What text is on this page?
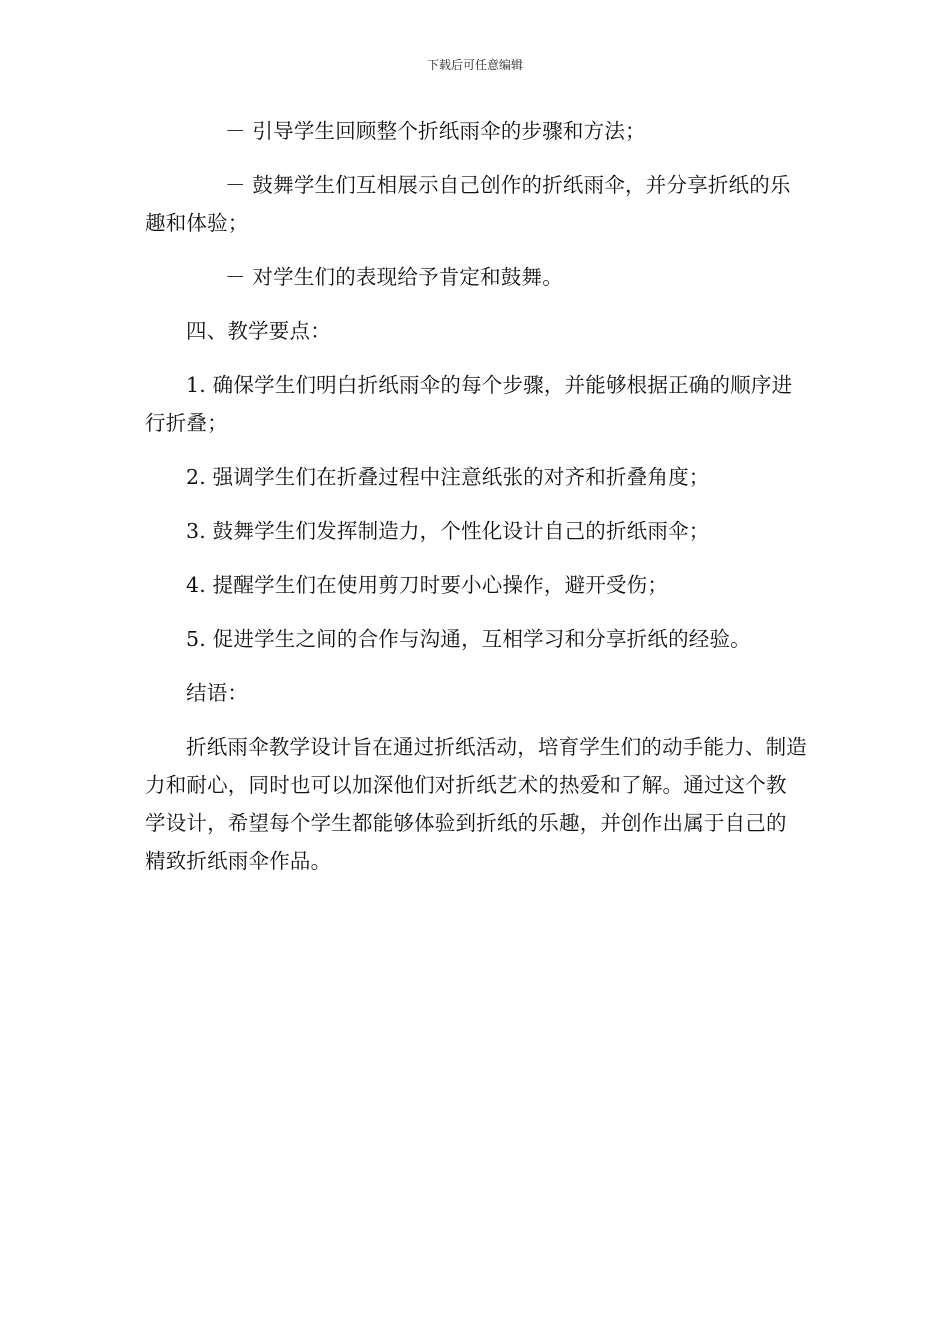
下载后可任意编辑

－ 引导学生回顾整个折纸雨伞的步骤和方法；

－ 鼓舞学生们互相展示自己创作的折纸雨伞，并分享折纸的乐趣和体验；

－ 对学生们的表现给予肯定和鼓舞。

四、教学要点：

1. 确保学生们明白折纸雨伞的每个步骤，并能够根据正确的顺序进行折叠；

2. 强调学生们在折叠过程中注意纸张的对齐和折叠角度；

3. 鼓舞学生们发挥制造力，个性化设计自己的折纸雨伞；

4. 提醒学生们在使用剪刀时要小心操作，避开受伤；

5. 促进学生之间的合作与沟通，互相学习和分享折纸的经验。

结语：

折纸雨伞教学设计旨在通过折纸活动，培育学生们的动手能力、制造力和耐心，同时也可以加深他们对折纸艺术的热爱和了解。通过这个教学设计，希望每个学生都能够体验到折纸的乐趣，并创作出属于自己的精致折纸雨伞作品。
